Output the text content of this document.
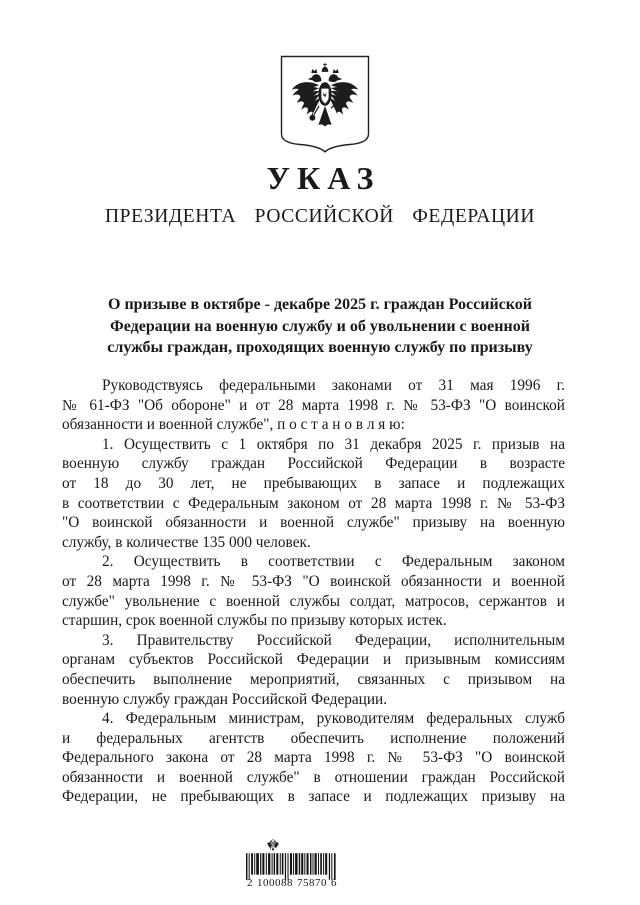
УКАЗ
ПРЕЗИДЕНТА РОССИЙСКОЙ ФЕДЕРАЦИИ
О призыве в октябре - декабре 2025 г. граждан Российской
Федерации на военную службу и об увольнении с военной
службы граждан, проходящих военную службу по призыву
Руководствуясь федеральными законами от 31 мая 1996 г.
№ 61-ФЗ "Об обороне" и от 28 марта 1998 г. № 53-ФЗ "О воинской
обязанности и военной службе", п о с т а н о в л я ю:
1. Осуществить с 1 октября по 31 декабря 2025 г. призыв на
военную службу граждан Российской Федерации в возрасте
от 18 до 30 лет, не пребывающих в запасе и подлежащих
в соответствии с Федеральным законом от 28 марта 1998 г. № 53-ФЗ
"О воинской обязанности и военной службе" призыву на военную
службу, в количестве 135 000 человек.
2. Осуществить в соответствии с Федеральным законом
от 28 марта 1998 г. № 53-ФЗ "О воинской обязанности и военной
службе" увольнение с военной службы солдат, матросов, сержантов и
старшин, срок военной службы по призыву которых истек.
3. Правительству Российской Федерации, исполнительным
органам субъектов Российской Федерации и призывным комиссиям
обеспечить выполнение мероприятий, связанных с призывом на
военную службу граждан Российской Федерации.
4. Федеральным министрам, руководителям федеральных служб
и федеральных агентств обеспечить исполнение положений
Федерального закона от 28 марта 1998 г. № 53-ФЗ "О воинской
обязанности и военной службе" в отношении граждан Российской
Федерации, не пребывающих в запасе и подлежащих призыву на
2 100088 75870 6
